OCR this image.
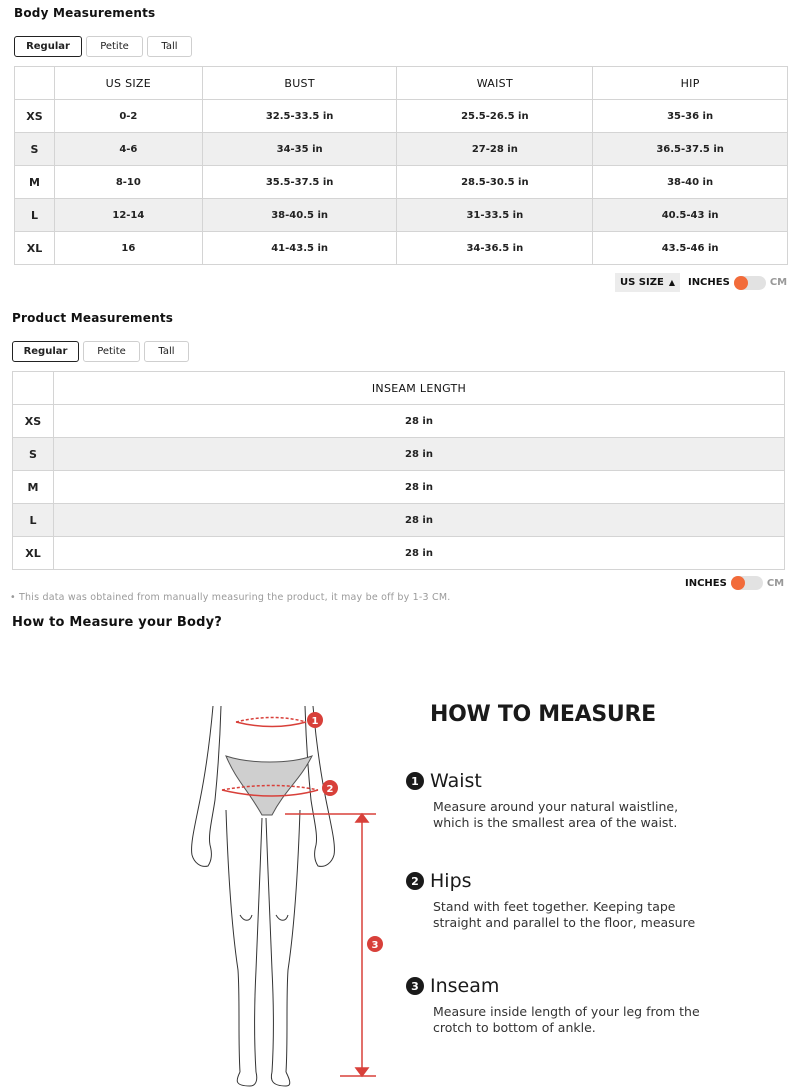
Body Measurements
Regular	Petite	Tall
	US SIZE	BUST	WAIST	HIP
XS	0-2	32.5-33.5 in	25.5-26.5 in	35-36 in
S	4-6	34-35 in	27-28 in	36.5-37.5 in
M	8-10	35.5-37.5 in	28.5-30.5 in	38-40 in
L	12-14	38-40.5 in	31-33.5 in	40.5-43 in
XL	16	41-43.5 in	34-36.5 in	43.5-46 in
US SIZE ▲ INCHES	CM
Product Measurements
Regular	Petite	Tall
	INSEAM LENGTH
XS	28 in
S	28 in
M	28 in
L	28 in
XL	28 in
INCHES	CM
• This data was obtained from manually measuring the product, it may be off by 1-3 CM.
How to Measure your Body?
1
2
3
HOW TO MEASURE
1 Waist
Measure around your natural waistline, which is the smallest area of the waist.
2 Hips
Stand with feet together. Keeping tape straight and parallel to the floor, measure
3 Inseam
Measure inside length of your leg from the crotch to bottom of ankle.
